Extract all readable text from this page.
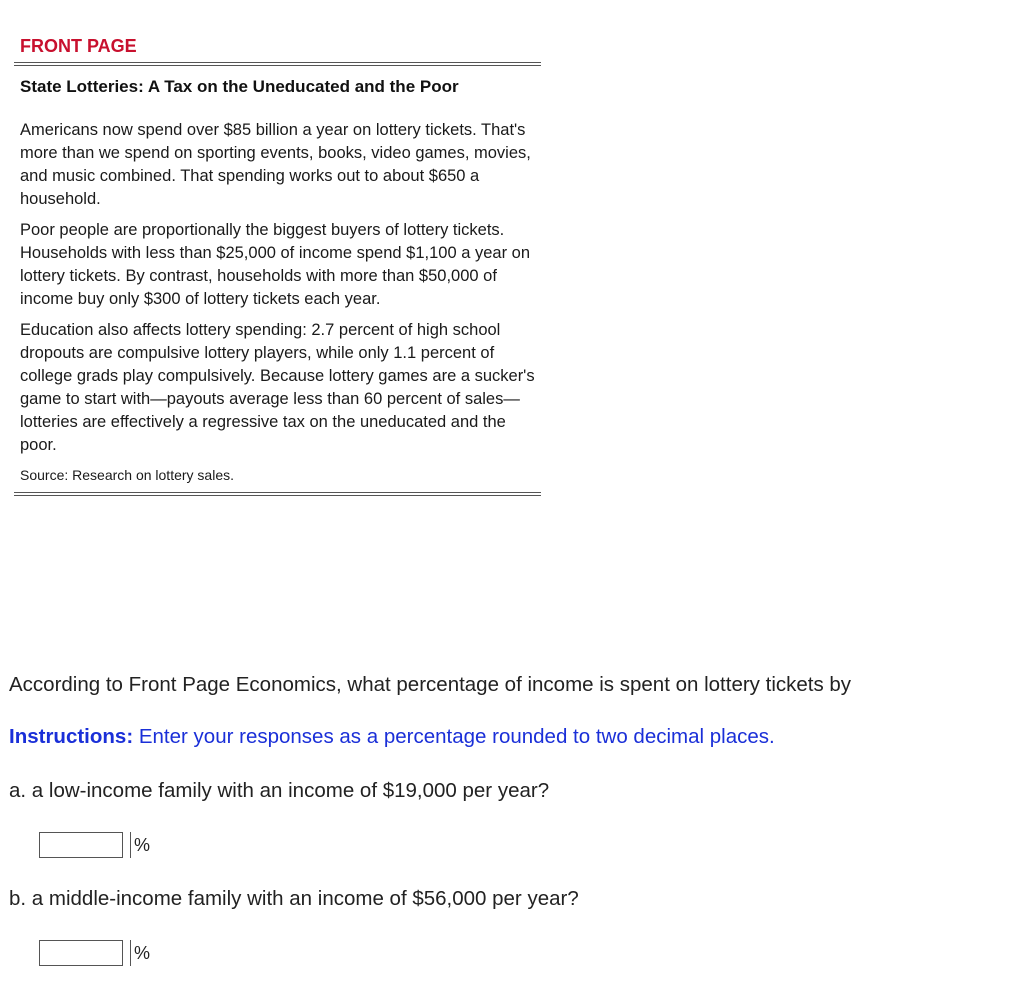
FRONT PAGE
State Lotteries: A Tax on the Uneducated and the Poor

Americans now spend over $85 billion a year on lottery tickets. That's more than we spend on sporting events, books, video games, movies, and music combined. That spending works out to about $650 a household.

Poor people are proportionally the biggest buyers of lottery tickets. Households with less than $25,000 of income spend $1,100 a year on lottery tickets. By contrast, households with more than $50,000 of income buy only $300 of lottery tickets each year.

Education also affects lottery spending: 2.7 percent of high school dropouts are compulsive lottery players, while only 1.1 percent of college grads play compulsively. Because lottery games are a sucker's game to start with—payouts average less than 60 percent of sales—lotteries are effectively a regressive tax on the uneducated and the poor.

Source: Research on lottery sales.
According to Front Page Economics, what percentage of income is spent on lottery tickets by
Instructions: Enter your responses as a percentage rounded to two decimal places.
a. a low-income family with an income of $19,000 per year?
%
b. a middle-income family with an income of $56,000 per year?
%
